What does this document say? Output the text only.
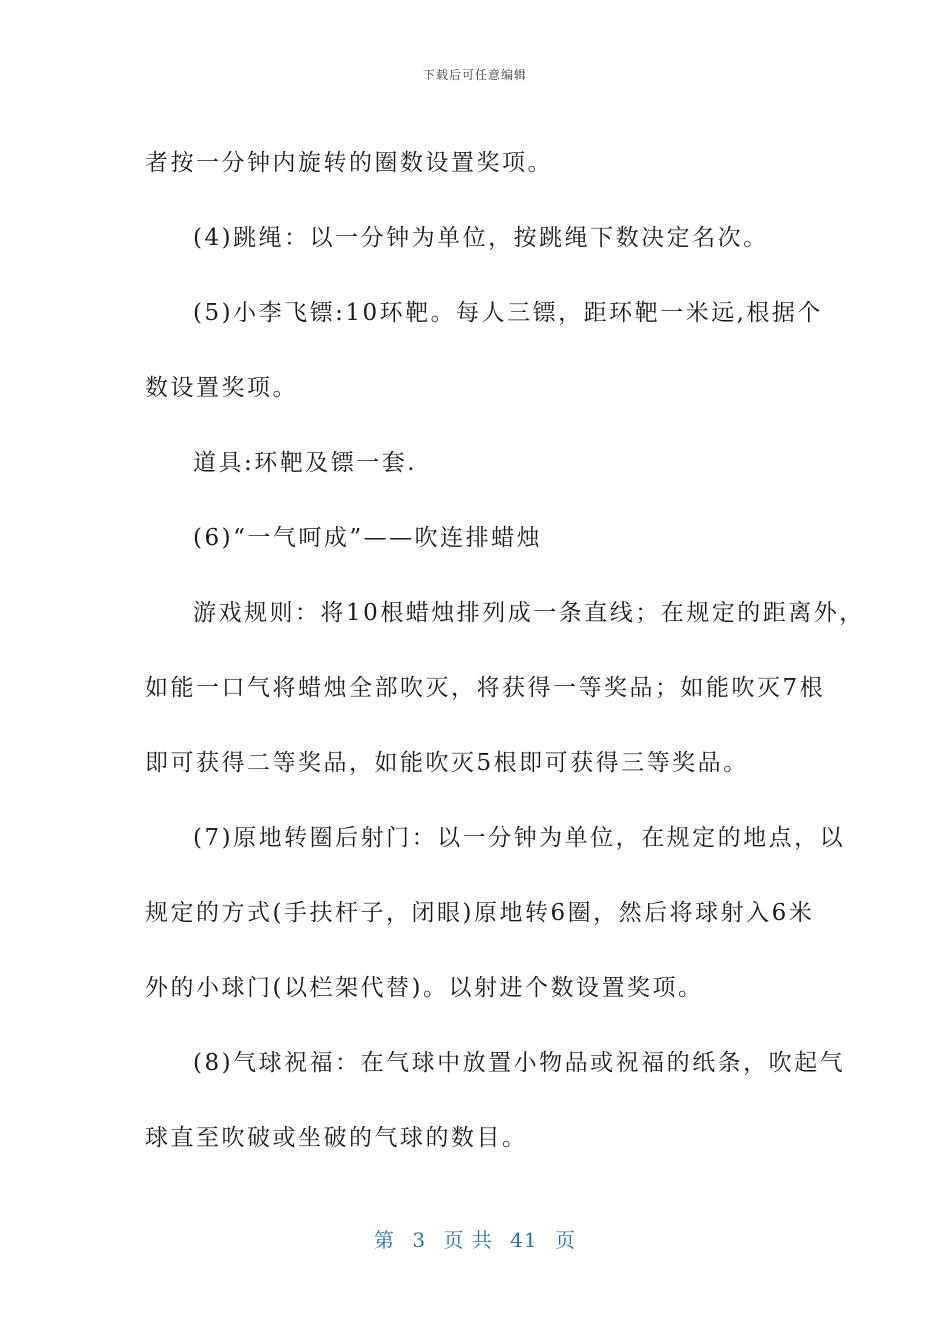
下载后可任意编辑
者按一分钟内旋转的圈数设置奖项。
(4)跳绳：以一分钟为单位，按跳绳下数决定名次。
(5)小李飞镖:10环靶。每人三镖，距环靶一米远,根据个
数设置奖项。
道具:环靶及镖一套.
(6)“一气呵成”——吹连排蜡烛
游戏规则：将10根蜡烛排列成一条直线；在规定的距离外，
如能一口气将蜡烛全部吹灭，将获得一等奖品；如能吹灭7根
即可获得二等奖品，如能吹灭5根即可获得三等奖品。
(7)原地转圈后射门：以一分钟为单位，在规定的地点，以
规定的方式(手扶杆子，闭眼)原地转6圈，然后将球射入6米
外的小球门(以栏架代替)。以射进个数设置奖项。
(8)气球祝福：在气球中放置小物品或祝福的纸条，吹起气
球直至吹破或坐破的气球的数目。
第 3 页 共 41 页
